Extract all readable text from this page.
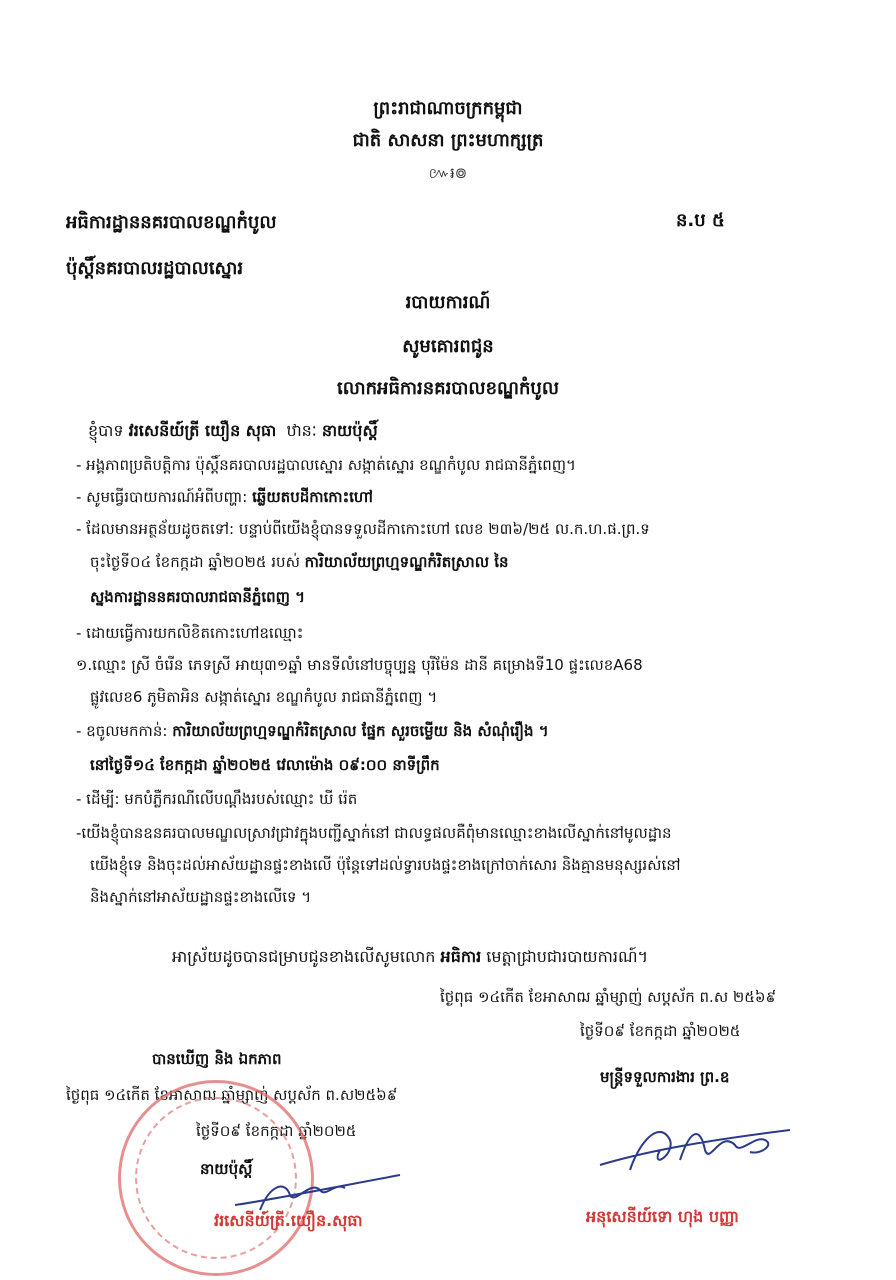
ព្រះរាជាណាចក្រកម្ពុជា
ជាតិ សាសនា ព្រះមហាក្សត្រ
៚៛៙
អធិការដ្ឋាននគរបាលខណ្ឌកំបូល
ប៉ុស្តិ៍នគរបាលរដ្ឋបាលស្នោរ
ន.ប ៥
របាយការណ៍
សូមគោរពជូន
លោកអធិការនគរបាលខណ្ឌកំបូល
ខ្ញុំបាទ វរសេនីយ៍ត្រី យឿន សុធា ឋានៈ នាយប៉ុស្តិ៍
- អង្គភាពប្រតិបត្តិការ ប៉ុស្តិ៍នគរបាលរដ្ឋបាលស្នោរ សង្កាត់ស្នោរ ខណ្ឌកំបូល រាជធានីភ្នំពេញ។
- សូមធ្វើរបាយការណ៍អំពីបញ្ហា: ឆ្លើយតបដីកាកោះហៅ
- ដែលមានអត្ថន័យដូចតទៅ: បន្ទាប់ពីយើងខ្ញុំបានទទួលដីកាកោះហៅ លេខ ២៣៦/២៥ ល.ក.ហ.ផ.ព្រ.ទ
ចុះថ្ងៃទី០៤ ខែកក្កដា ឆ្នាំ២០២៥ របស់ ការិយាល័យព្រហ្មទណ្ឌកំរិតស្រាល នៃ
ស្នងការដ្ឋាននគរបាលរាជធានីភ្នំពេញ ។
- ដោយធ្វើការយកលិខិតកោះហៅឧឈ្មោះ
១.ឈ្មោះ ស្រី ចំរើន ភេទស្រី អាយុ៣១ឆ្នាំ មានទីលំនៅបច្ចុប្បន្ន បុរីម៉ែន ដានី គម្រោងទី10 ផ្ទះលេខA68
ផ្លូវលេខ6 ភូមិតាអិន សង្កាត់ស្នោរ ខណ្ឌកំបូល រាជធានីភ្នំពេញ ។
- ឧចូលមកកាន់: ការិយាល័យព្រហ្មទណ្ឌកំរិតស្រាល ផ្នែក សួរចម្លើយ និង សំណុំរឿង ។
នៅថ្ងៃទី១៤ ខែកក្កដា ឆ្នាំ២០២៥ វេលាម៉ោង ០៩:០០ នាទីព្រឹក
- ដើម្បី: មកបំភ្លឺករណីលើបណ្តឹងរបស់ឈ្មោះ ឃី រ៉េត
-យើងខ្ញុំបានឧនគរបាលមណ្ឌលស្រាវជ្រាវក្នុងបញ្ជីស្នាក់នៅ ជាលទ្ធផលគឺពុំមានឈ្មោះខាងលើស្នាក់នៅមូលដ្ឋាន
យើងខ្ញុំទេ និងចុះដល់អាស័យដ្ឋានផ្ទះខាងលើ ប៉ុន្តែទៅដល់ទ្វារបងផ្ទះខាងក្រៅចាក់សោរ និងគ្មានមនុស្សរស់នៅ
និងស្នាក់នៅអាស័យដ្ឋានផ្ទះខាងលើទេ ។
អាស្រ័យដូចបានជម្រាបជូនខាងលើសូមលោក អធិការ មេត្តាជ្រាបជារបាយការណ៍។
ថ្ងៃពុធ ១៤កើត ខែអាសាឍ ឆ្នាំម្សាញ់ សប្តស័ក ព.ស ២៥៦៩
ថ្ងៃទី០៩ ខែកក្កដា ឆ្នាំ២០២៥
មន្ត្រីទទួលការងារ ព្រ.ឧ
អនុសេនីយ៍ទោ ហុង បញ្ញា
បានឃើញ និង ឯកភាព
ថ្ងៃពុធ ១៤កើត ខែអាសាឍ ឆ្នាំម្សាញ់ សប្តស័ក ព.ស២៥៦៩
ថ្ងៃទី០៩ ខែកក្កដា ឆ្នាំ២០២៥
នាយប៉ុស្តិ៍
វរសេនីយ៍ត្រី.យឿន.សុធា
